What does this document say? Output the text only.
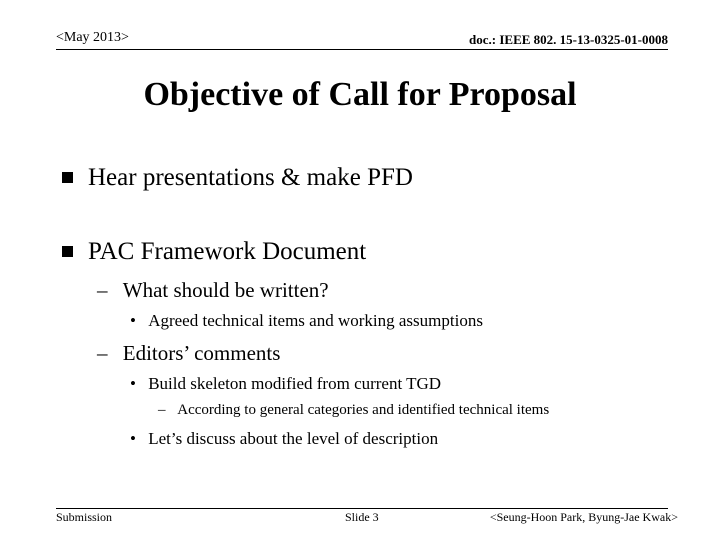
<May 2013>	doc.: IEEE 802. 15-13-0325-01-0008
Objective of Call for Proposal
Hear presentations & make PFD
PAC Framework Document
– What should be written?
• Agreed technical items and working assumptions
– Editors’ comments
• Build skeleton modified from current TGD
– According to general categories and identified technical items
• Let’s discuss about the level of description
Submission	Slide 3	<Seung-Hoon Park, Byung-Jae Kwak>
